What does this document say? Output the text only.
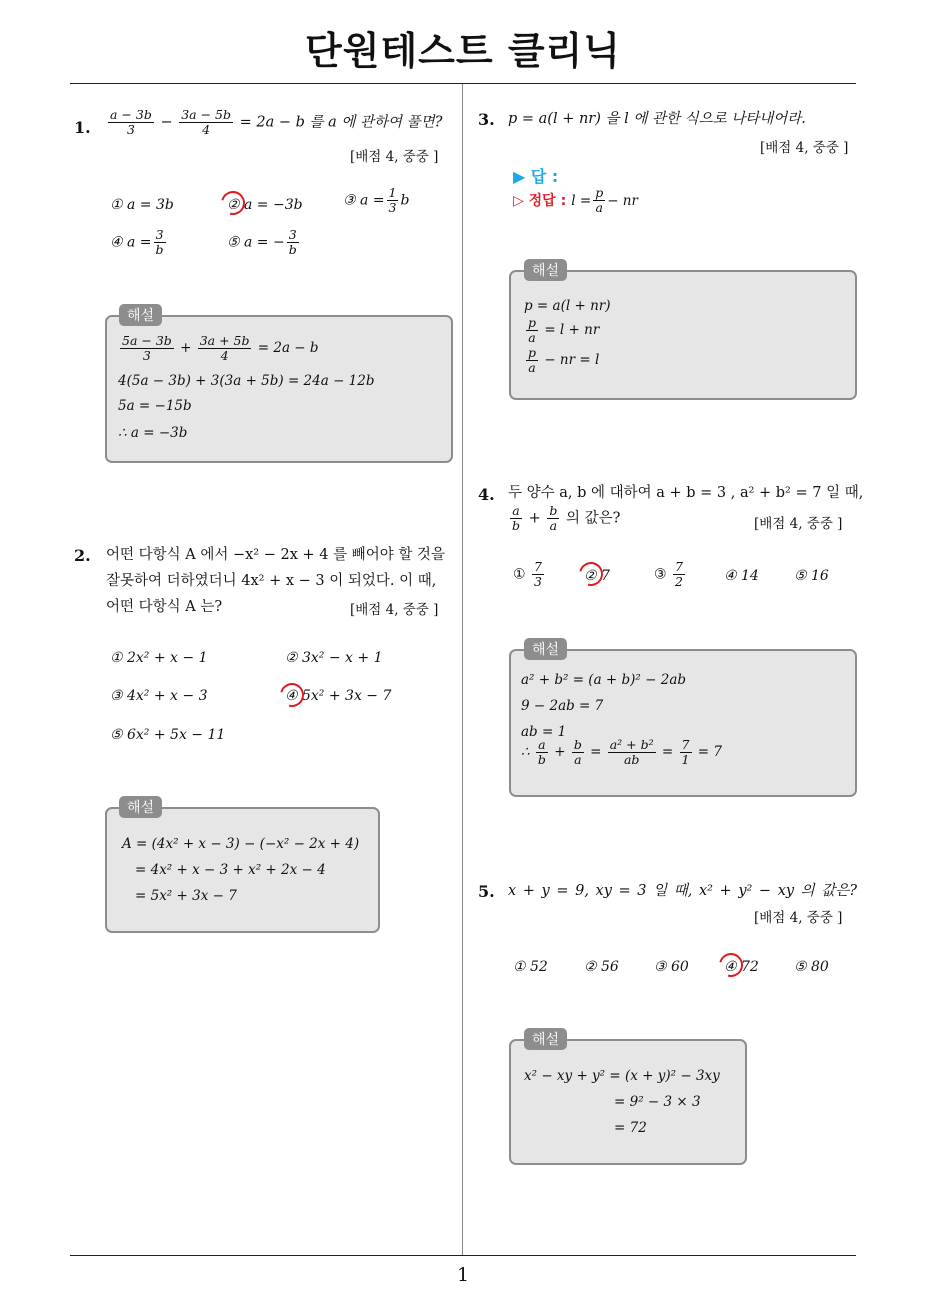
단원테스트 클리닉
1
1. $\frac{a - 3b}{3} - \frac{3a - 5b}{4} = 2a - b$ 를 a 에 관하여 풀면?
[배점 4, 중중 ]
① a = 3b	② a = −3b	③ $a = \frac{1}{3}$ b
④ $a = \frac{3}{b}$	⑤ a = − $\frac{3}{b}$
해설
$\frac{5a - 3b}{3} + \frac{3a + 5b}{4} = 2a - b$
4(5a − 3b) + 3(3a + 5b) = 24a − 12b
5a = −15b
∴ a = −3b
2. 어떤 다항식 A 에서 −x² − 2x + 4 를 빼어야 할 것을
잘못하여 더하였더니 4x² + x − 3 이 되었다. 이 때,
어떤 다항식 A 는?	[배점 4, 중중 ]
① 2x² + x − 1	② 3x² − x + 1
③ 4x² + x − 3	④ 5x² + 3x − 7
⑤ 6x² + 5x − 11
해설
A = (4x² + x − 3) − (−x² − 2x + 4)
= 4x² + x − 3 + x² + 2x − 4
= 5x² + 3x − 7
3. p = a(l + nr) 을 l 에 관한 식으로 나타내어라.
[배점 4, 중중 ]
▶ 답 :
▷ 정답 : $l = \frac{p}{a}$ − nr
해설
p = a(l + nr)
$\frac{p}{a} = l$ + nr
$\frac{p}{a}$ − nr = l
4. 두 양수 a, b 에 대하여 a + b = 3 , a² + b² = 7 일 때,
$\frac{a}{b} + \frac{b}{a}$ 의 값은?	[배점 4, 중중 ]
① $\frac{7}{3}$	② 7	③ $\frac{7}{2}$	④ 14	⑤ 16
해설
a² + b² = (a + b)² − 2ab
9 − 2ab = 7
ab = 1
∴ $\frac{a}{b} + \frac{b}{a} = \frac{\text{a² + b²}}{ab} = \frac{7}{1} = 7$
5. x + y = 9, xy = 3 일 때, x² + y² − xy 의 값은?
[배점 4, 중중 ]
① 52	② 56	③ 60	④ 72	⑤ 80
해설
x² − xy + y² = (x + y)² − 3xy
= 9² − 3 × 3
= 72
